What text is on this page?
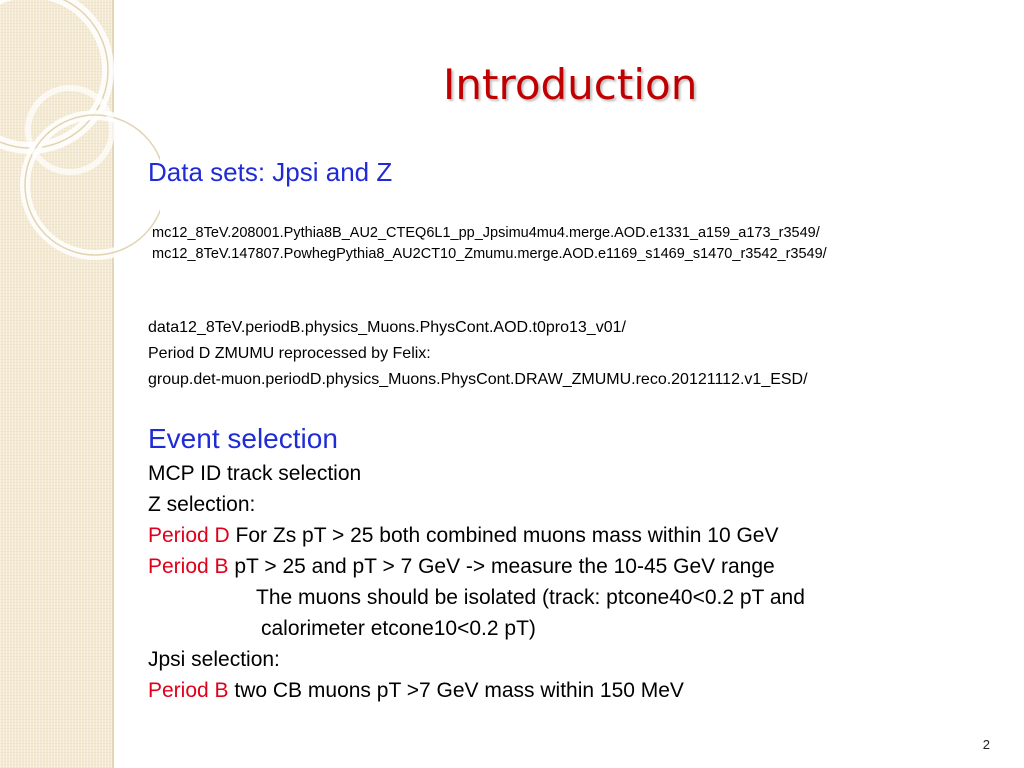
Introduction

Data sets: Jpsi and Z

mc12_8TeV.208001.Pythia8B_AU2_CTEQ6L1_pp_Jpsimu4mu4.merge.AOD.e1331_a159_a173_r3549/

mc12_8TeV.147807.PowhegPythia8_AU2CT10_Zmumu.merge.AOD.e1169_s1469_s1470_r3542_r3549/

data12_8TeV.periodB.physics_Muons.PhysCont.AOD.t0pro13_v01/

Period D ZMUMU reprocessed by Felix:

group.det-muon.periodD.physics_Muons.PhysCont.DRAW_ZMUMU.reco.20121112.v1_ESD/

Event selection

MCP ID track selection

Z selection:

Period D For Zs pT > 25 both combined muons mass within 10 GeV

Period B pT > 25 and pT > 7 GeV -> measure the 10-45 GeV range

The muons should be isolated (track: ptcone40<0.2 pT and

calorimeter etcone10<0.2 pT)

Jpsi selection:

Period B two CB muons pT >7 GeV mass within 150 MeV

2
